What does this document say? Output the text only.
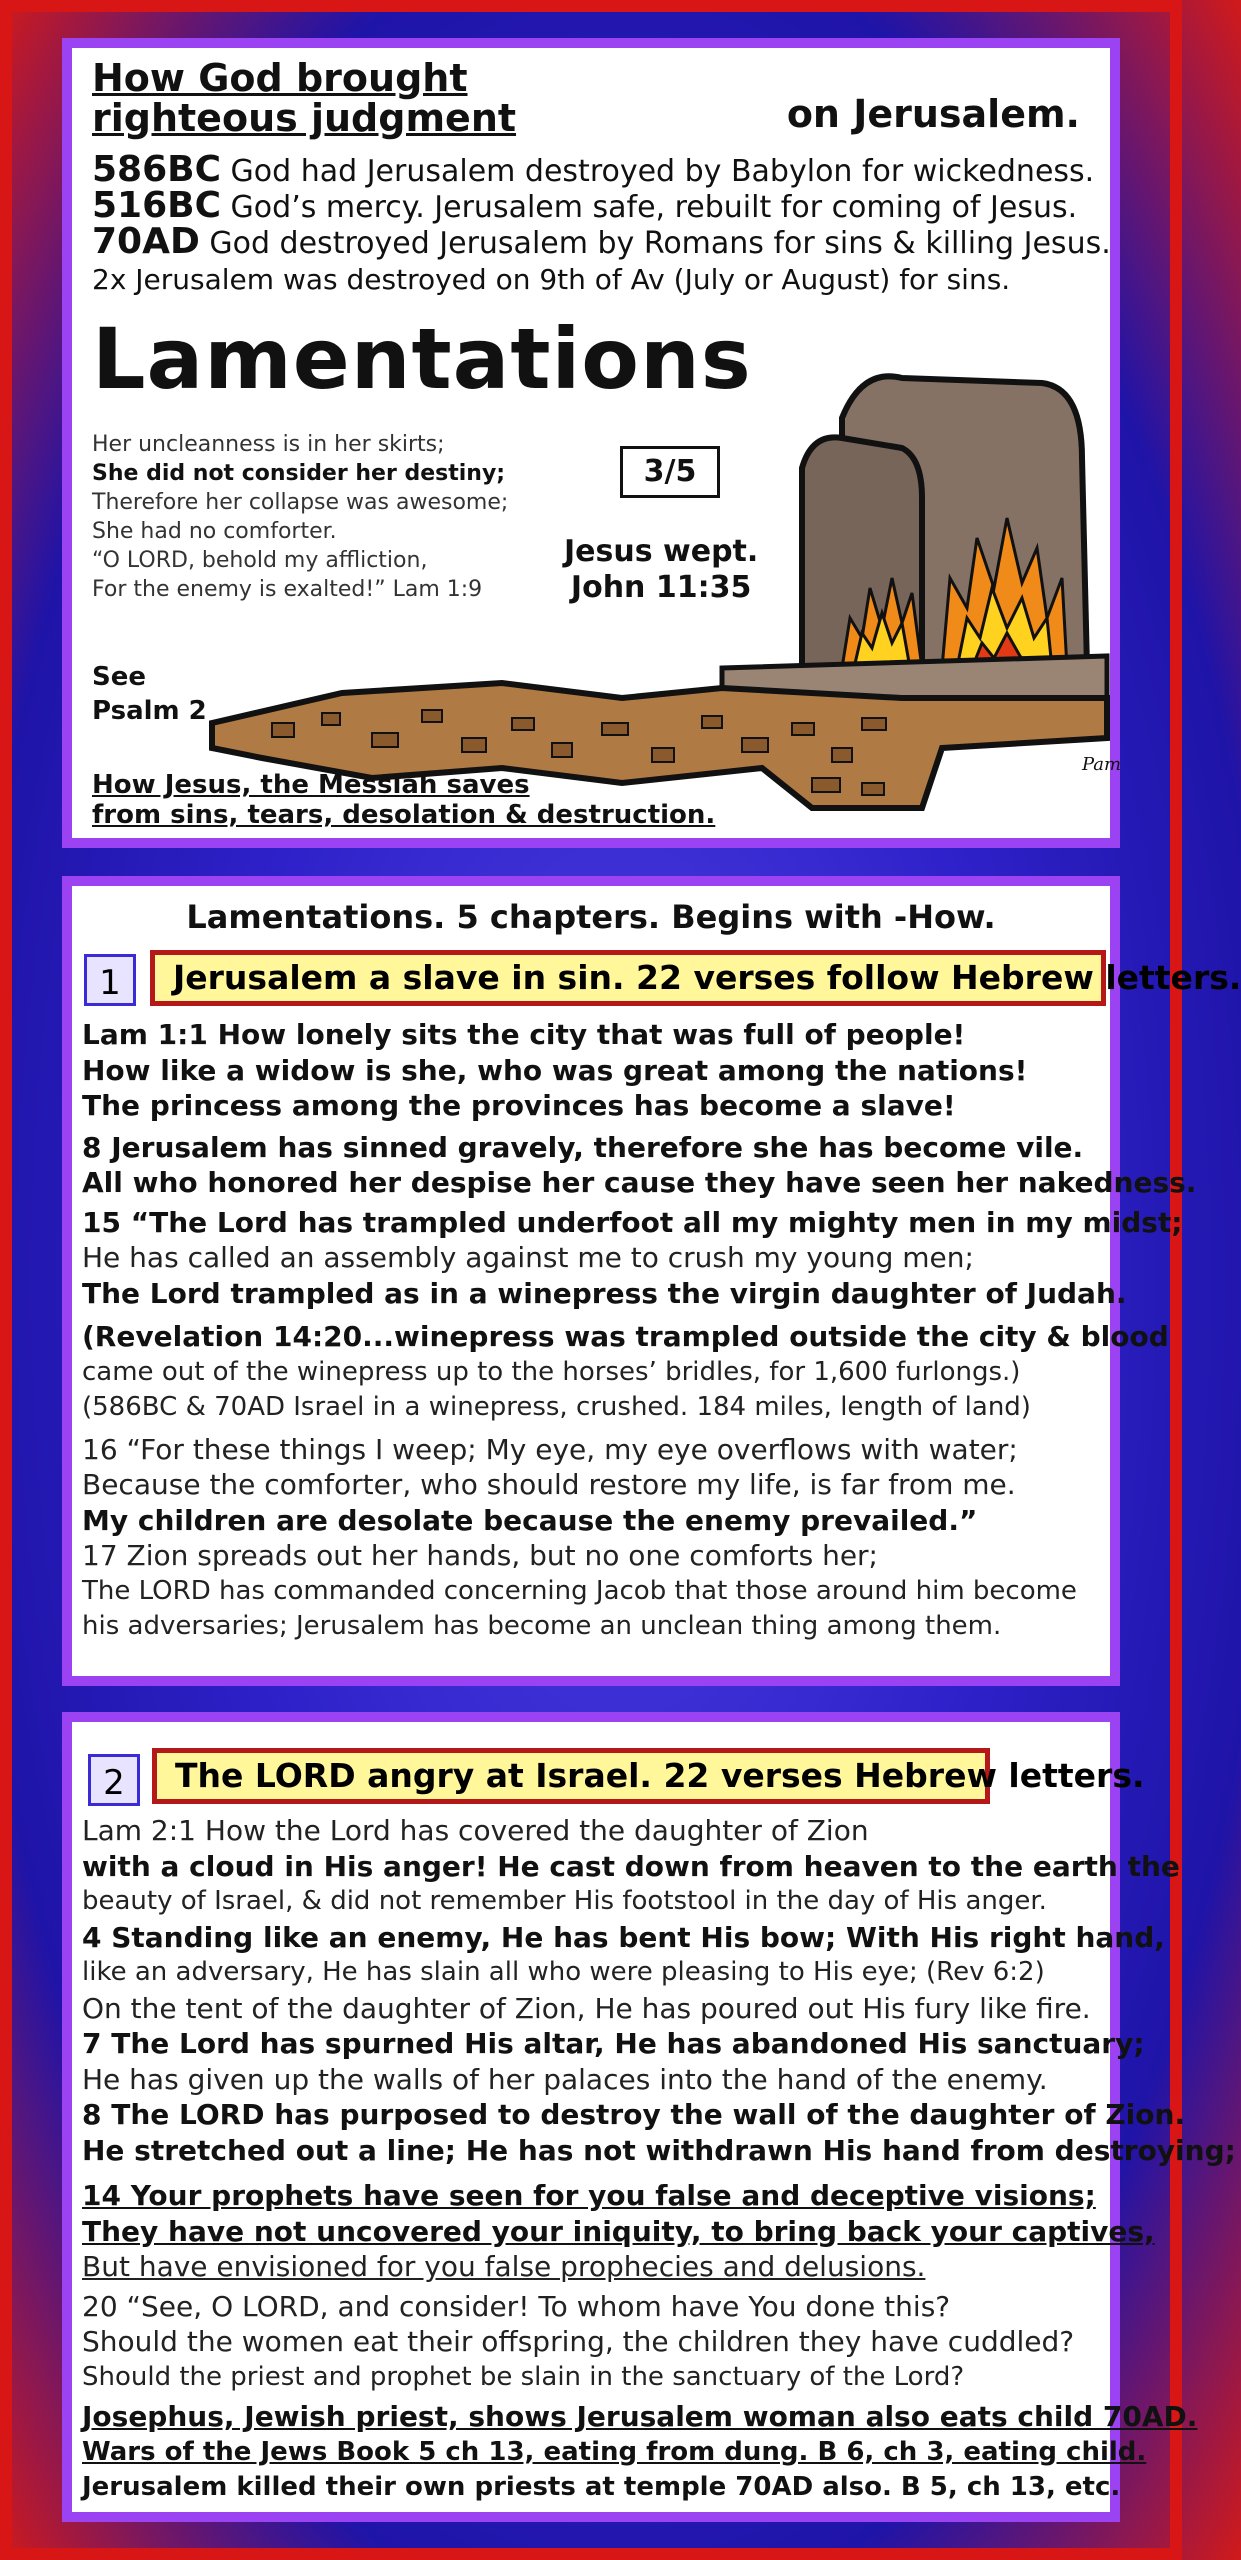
How God brought
righteous judgment	on Jerusalem.
586BC God had Jerusalem destroyed by Babylon for wickedness.
516BC God’s mercy. Jerusalem safe, rebuilt for coming of Jesus.
70AD God destroyed Jerusalem by Romans for sins & killing Jesus.
2x Jerusalem was destroyed on 9th of Av (July or August) for sins.
Lamentations
Her uncleanness is in her skirts;
She did not consider her destiny;
Therefore her collapse was awesome;
She had no comforter.
“O LORD, behold my affliction,
For the enemy is exalted!” Lam 1:9
Pam
3/5
Jesus wept.
John 11:35
See
Psalm 2
How Jesus, the Messiah saves
from sins, tears, desolation & destruction.
Lamentations. 5 chapters. Begins with -How.
1	Jerusalem a slave in sin. 22 verses follow Hebrew letters.
Lam 1:1 How lonely sits the city that was full of people!
How like a widow is she, who was great among the nations!
The princess among the provinces has become a slave!
8 Jerusalem has sinned gravely, therefore she has become vile.
All who honored her despise her cause they have seen her nakedness.
15 “The Lord has trampled underfoot all my mighty men in my midst;
He has called an assembly against me to crush my young men;
The Lord trampled as in a winepress the virgin daughter of Judah.
(Revelation 14:20...winepress was trampled outside the city & blood
came out of the winepress up to the horses’ bridles, for 1,600 furlongs.)
(586BC & 70AD Israel in a winepress, crushed. 184 miles, length of land)
16 “For these things I weep; My eye, my eye overflows with water;
Because the comforter, who should restore my life, is far from me.
My children are desolate because the enemy prevailed.”
17 Zion spreads out her hands, but no one comforts her;
The LORD has commanded concerning Jacob that those around him become
his adversaries; Jerusalem has become an unclean thing among them.
2	The LORD angry at Israel. 22 verses Hebrew letters.
Lam 2:1 How the Lord has covered the daughter of Zion
with a cloud in His anger! He cast down from heaven to the earth the
beauty of Israel, & did not remember His footstool in the day of His anger.
4 Standing like an enemy, He has bent His bow; With His right hand,
like an adversary, He has slain all who were pleasing to His eye; (Rev 6:2)
On the tent of the daughter of Zion, He has poured out His fury like fire.
7 The Lord has spurned His altar, He has abandoned His sanctuary;
He has given up the walls of her palaces into the hand of the enemy.
8 The LORD has purposed to destroy the wall of the daughter of Zion.
He stretched out a line; He has not withdrawn His hand from destroying;
14 Your prophets have seen for you false and deceptive visions;
They have not uncovered your iniquity, to bring back your captives,
But have envisioned for you false prophecies and delusions.
20 “See, O LORD, and consider! To whom have You done this?
Should the women eat their offspring, the children they have cuddled?
Should the priest and prophet be slain in the sanctuary of the Lord?
Josephus, Jewish priest, shows Jerusalem woman also eats child 70AD.
Wars of the Jews Book 5 ch 13, eating from dung. B 6, ch 3, eating child.
Jerusalem killed their own priests at temple 70AD also. B 5, ch 13, etc.
